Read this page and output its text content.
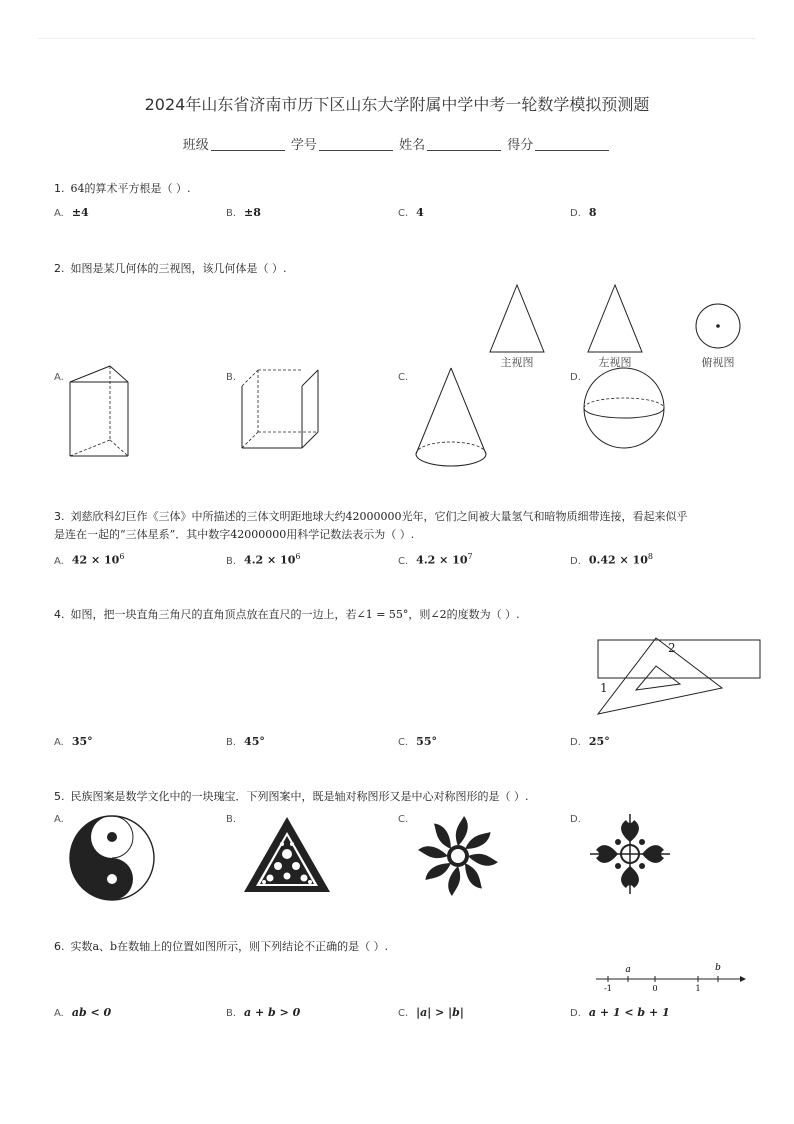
2024年山东省济南市历下区山东大学附属中学中考一轮数学模拟预测题
班级	学号	姓名	得分
1. 64的算术平方根是（ ）.
A. ±4	B. ±8	C. 4	D. 8
2. 如图是某几何体的三视图，该几何体是（ ）.
主视图	左视图	俯视图
A.	B.	C.	D.
3. 刘慈欣科幻巨作《三体》中所描述的三体文明距地球大约42000000光年，它们之间被大量氢气和暗物质细带连接，看起来似乎
是连在一起的“三体星系”．其中数字42000000用科学记数法表示为（ ）.
A. $42 \times 10^6$	B. $4.2 \times 10^6$	C. $4.2 \times 10^7$	D. $0.42 \times 10^8$
4. 如图，把一块直角三角尺的直角顶点放在直尺的一边上，若∠1 = 55°，则∠2的度数为（ ）.
1
2
A. 35°	B. 45°	C. 55°	D. 25°
5. 民族图案是数学文化中的一块瑰宝．下列图案中，既是轴对称图形又是中心对称图形的是（ ）.
A.	B.	C.	D.
6. 实数a、b在数轴上的位置如图所示，则下列结论不正确的是（ ）.
a	b
-1	0	1
A. ab < 0	B. a + b > 0	C. |a| > |b|	D. a + 1 < b + 1
